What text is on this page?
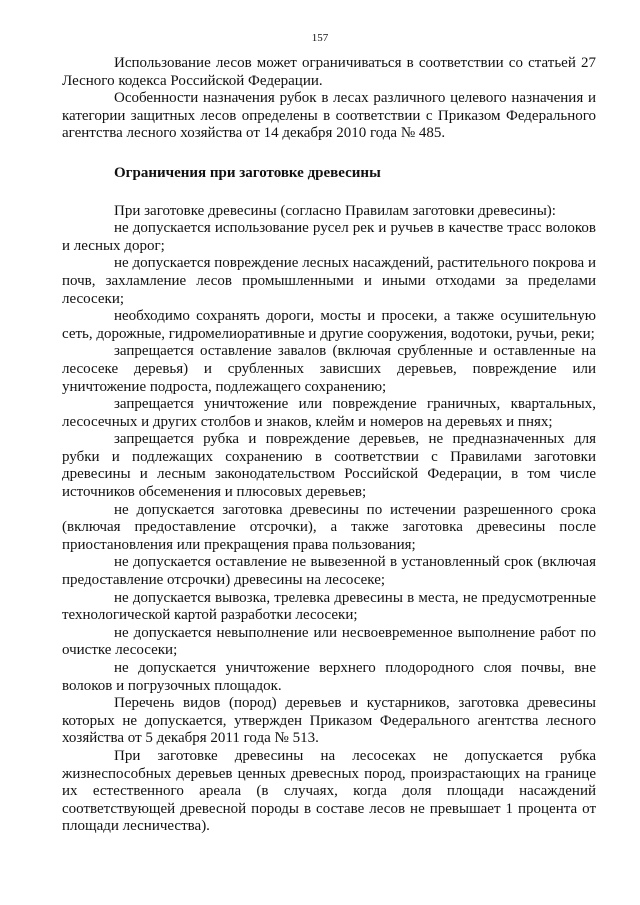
157

Использование лесов может ограничиваться в соответствии со статьей 27 Лесного кодекса Российской Федерации.

Особенности назначения рубок в лесах различного целевого назначения и категории защитных лесов определены в соответствии с Приказом Федерального агентства лесного хозяйства от 14 декабря 2010 года № 485.

Ограничения при заготовке древесины

При заготовке древесины (согласно Правилам заготовки древесины):

не допускается использование русел рек и ручьев в качестве трасс волоков и лесных дорог;

не допускается повреждение лесных насаждений, растительного покрова и почв, захламление лесов промышленными и иными отходами за пределами лесосеки;

необходимо сохранять дороги, мосты и просеки, а также осушительную сеть, дорожные, гидромелиоративные и другие сооружения, водотоки, ручьи, реки;

запрещается оставление завалов (включая срубленные и оставленные на лесосеке деревья) и срубленных зависших деревьев, повреждение или уничтожение подроста, подлежащего сохранению;

запрещается уничтожение или повреждение граничных, квартальных, лесосечных и других столбов и знаков, клейм и номеров на деревьях и пнях;

запрещается рубка и повреждение деревьев, не предназначенных для рубки и подлежащих сохранению в соответствии с Правилами заготовки древесины и лесным законодательством Российской Федерации, в том числе источников обсеменения и плюсовых деревьев;

не допускается заготовка древесины по истечении разрешенного срока (включая предоставление отсрочки), а также заготовка древесины после приостановления или прекращения права пользования;

не допускается оставление не вывезенной в установленный срок (включая предоставление отсрочки) древесины на лесосеке;

не допускается вывозка, трелевка древесины в места, не предусмотренные технологической картой разработки лесосеки;

не допускается невыполнение или несвоевременное выполнение работ по очистке лесосеки;

не допускается уничтожение верхнего плодородного слоя почвы, вне волоков и погрузочных площадок.

Перечень видов (пород) деревьев и кустарников, заготовка древесины которых не допускается, утвержден Приказом Федерального агентства лесного хозяйства от 5 декабря 2011 года № 513.

При заготовке древесины на лесосеках не допускается рубка жизнеспособных деревьев ценных древесных пород, произрастающих на границе их естественного ареала (в случаях, когда доля площади насаждений соответствующей древесной породы в составе лесов не превышает 1 процента от площади лесничества).
